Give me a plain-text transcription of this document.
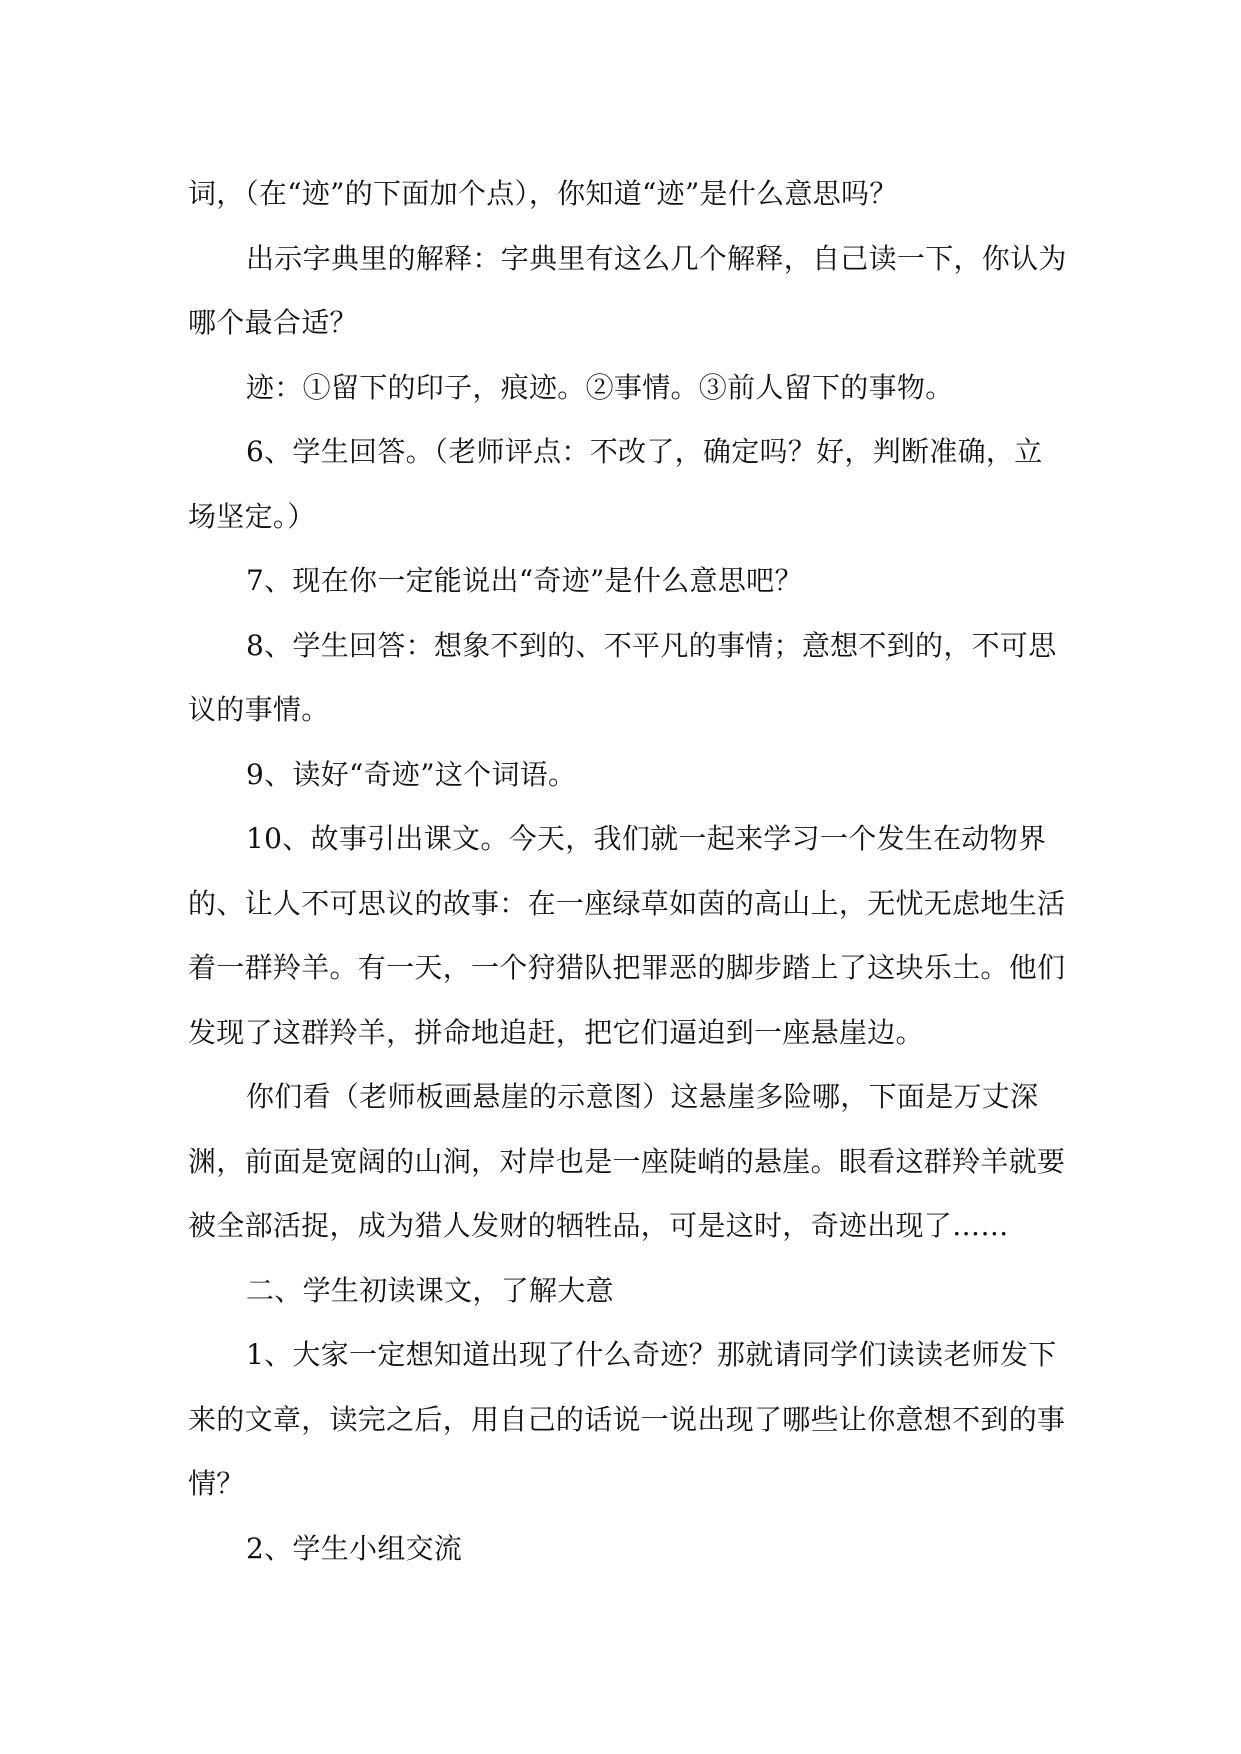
词，（在“迹”的下面加个点），你知道“迹”是什么意思吗？

出示字典里的解释：字典里有这么几个解释，自己读一下，你认为哪个最合适？

迹：①留下的印子，痕迹。②事情。③前人留下的事物。

6、学生回答。（老师评点：不改了，确定吗？好，判断准确，立场坚定。）

7、现在你一定能说出“奇迹”是什么意思吧？

8、学生回答：想象不到的、不平凡的事情；意想不到的，不可思议的事情。

9、读好“奇迹”这个词语。

10、故事引出课文。今天，我们就一起来学习一个发生在动物界的、让人不可思议的故事：在一座绿草如茵的高山上，无忧无虑地生活着一群羚羊。有一天，一个狩猎队把罪恶的脚步踏上了这块乐土。他们发现了这群羚羊，拼命地追赶，把它们逼迫到一座悬崖边。

你们看（老师板画悬崖的示意图）这悬崖多险哪，下面是万丈深渊，前面是宽阔的山涧，对岸也是一座陡峭的悬崖。眼看这群羚羊就要被全部活捉，成为猎人发财的牺牲品，可是这时，奇迹出现了……

二、学生初读课文，了解大意

1、大家一定想知道出现了什么奇迹？那就请同学们读读老师发下来的文章，读完之后，用自己的话说一说出现了哪些让你意想不到的事情？

2、学生小组交流
